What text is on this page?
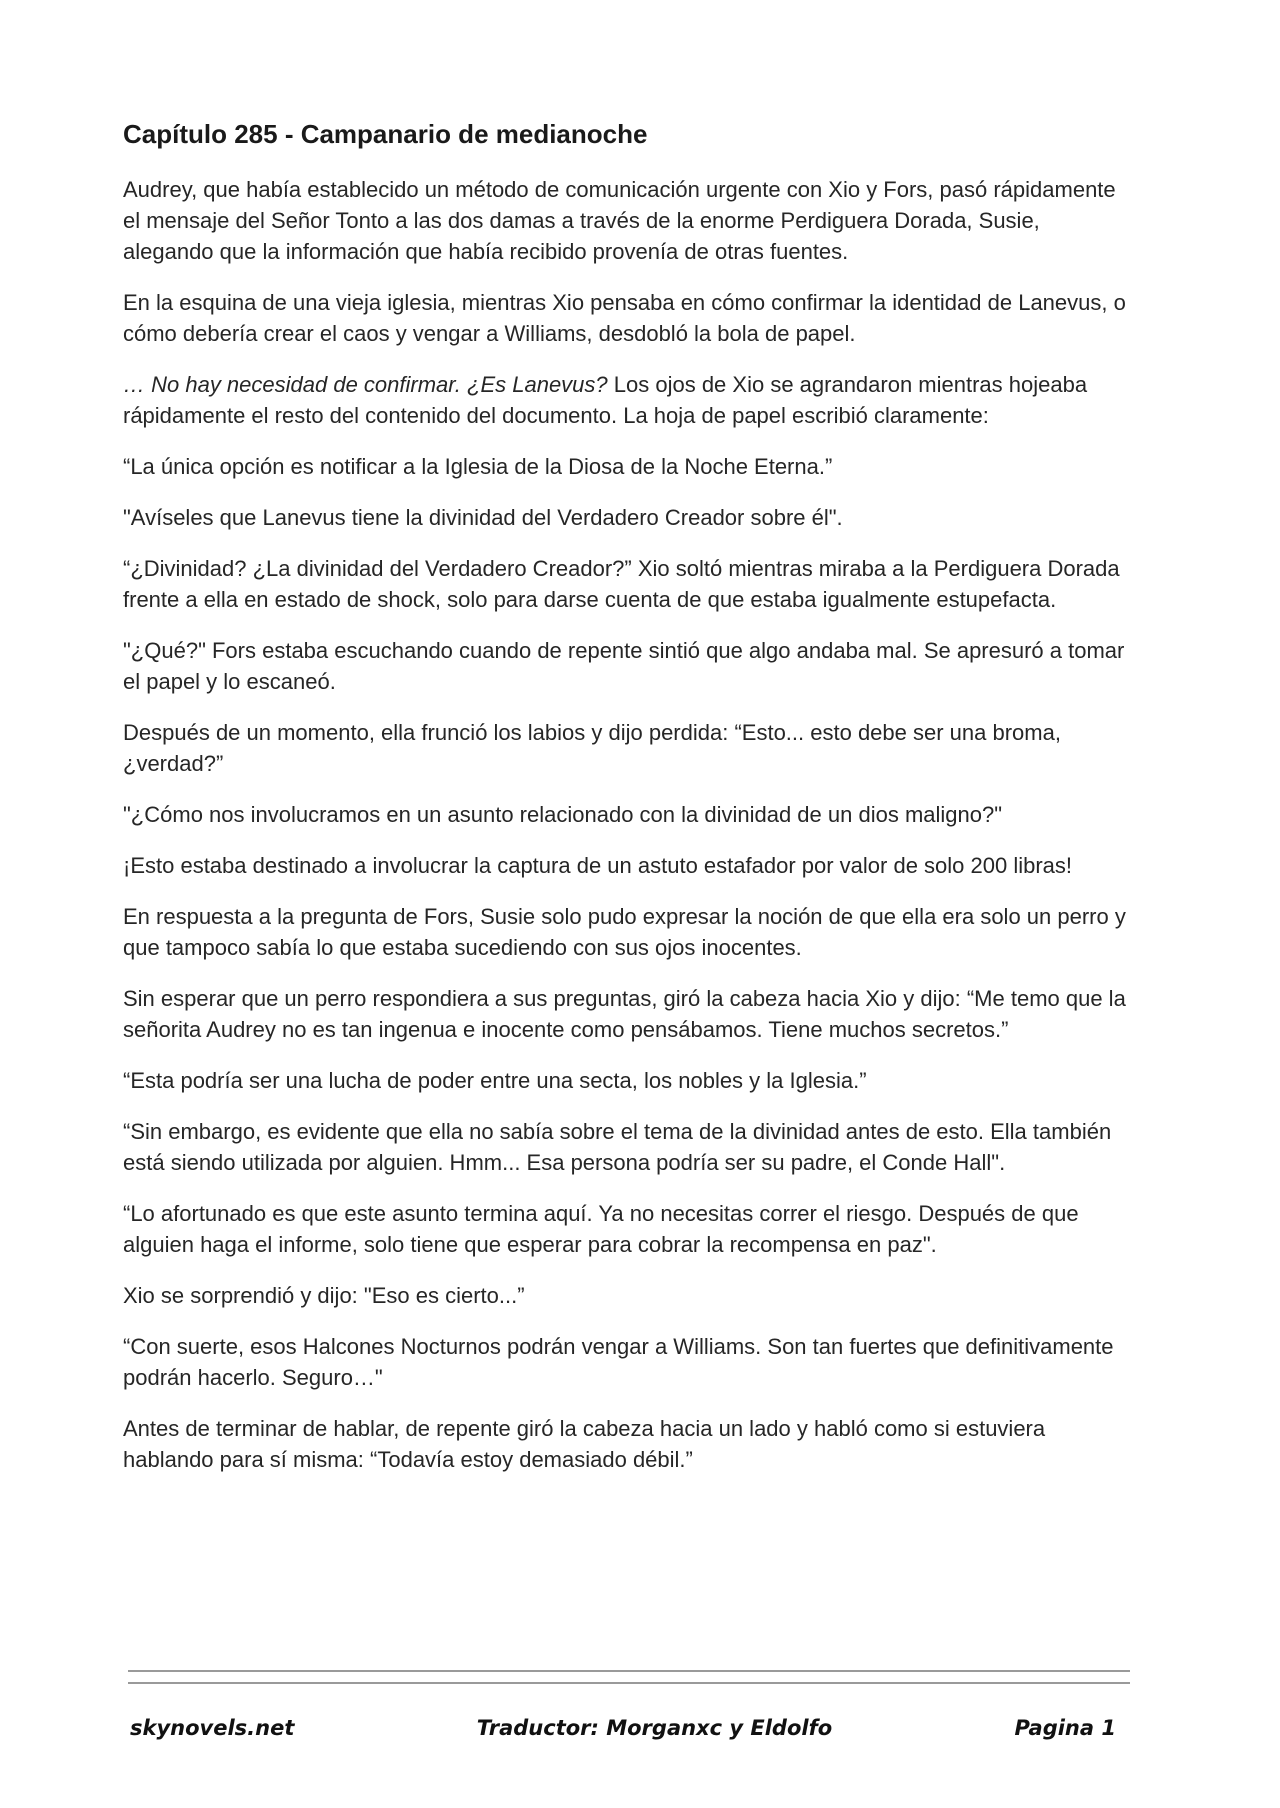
Capítulo 285 - Campanario de medianoche

Audrey, que había establecido un método de comunicación urgente con Xio y Fors, pasó rápidamente el mensaje del Señor Tonto a las dos damas a través de la enorme Perdiguera Dorada, Susie, alegando que la información que había recibido provenía de otras fuentes.

En la esquina de una vieja iglesia, mientras Xio pensaba en cómo confirmar la identidad de Lanevus, o cómo debería crear el caos y vengar a Williams, desdobló la bola de papel.

… No hay necesidad de confirmar. ¿Es Lanevus? Los ojos de Xio se agrandaron mientras hojeaba rápidamente el resto del contenido del documento. La hoja de papel escribió claramente:

“La única opción es notificar a la Iglesia de la Diosa de la Noche Eterna.”

"Avíseles que Lanevus tiene la divinidad del Verdadero Creador sobre él".

“¿Divinidad? ¿La divinidad del Verdadero Creador?” Xio soltó mientras miraba a la Perdiguera Dorada frente a ella en estado de shock, solo para darse cuenta de que estaba igualmente estupefacta.

"¿Qué?" Fors estaba escuchando cuando de repente sintió que algo andaba mal. Se apresuró a tomar el papel y lo escaneó.

Después de un momento, ella frunció los labios y dijo perdida: “Esto... esto debe ser una broma, ¿verdad?”

"¿Cómo nos involucramos en un asunto relacionado con la divinidad de un dios maligno?"

¡Esto estaba destinado a involucrar la captura de un astuto estafador por valor de solo 200 libras!

En respuesta a la pregunta de Fors, Susie solo pudo expresar la noción de que ella era solo un perro y que tampoco sabía lo que estaba sucediendo con sus ojos inocentes.

Sin esperar que un perro respondiera a sus preguntas, giró la cabeza hacia Xio y dijo: “Me temo que la señorita Audrey no es tan ingenua e inocente como pensábamos. Tiene muchos secretos.”

“Esta podría ser una lucha de poder entre una secta, los nobles y la Iglesia.”

“Sin embargo, es evidente que ella no sabía sobre el tema de la divinidad antes de esto. Ella también está siendo utilizada por alguien. Hmm... Esa persona podría ser su padre, el Conde Hall".

“Lo afortunado es que este asunto termina aquí. Ya no necesitas correr el riesgo. Después de que alguien haga el informe, solo tiene que esperar para cobrar la recompensa en paz".

Xio se sorprendió y dijo: "Eso es cierto...”

“Con suerte, esos Halcones Nocturnos podrán vengar a Williams. Son tan fuertes que definitivamente podrán hacerlo. Seguro…"

Antes de terminar de hablar, de repente giró la cabeza hacia un lado y habló como si estuviera hablando para sí misma: “Todavía estoy demasiado débil.”

skynovels.net	Traductor: Morganxc y Eldolfo	Pagina 1
